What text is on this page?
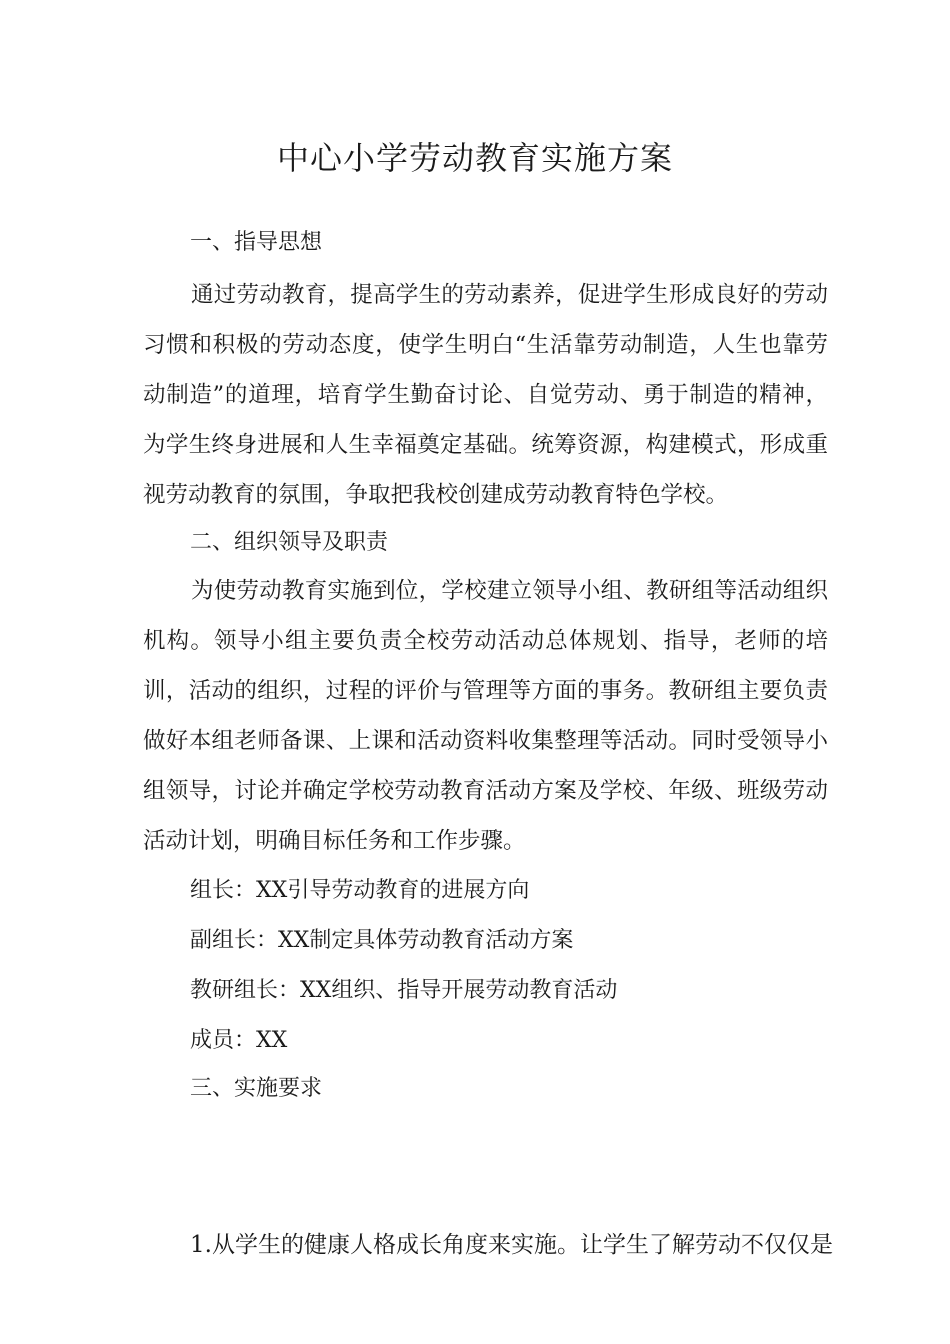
中心小学劳动教育实施方案
一、指导思想

通过劳动教育，提高学生的劳动素养，促进学生形成良好的劳动习惯和积极的劳动态度，使学生明白“生活靠劳动制造，人生也靠劳动制造”的道理，培育学生勤奋讨论、自觉劳动、勇于制造的精神，为学生终身进展和人生幸福奠定基础。统筹资源，构建模式，形成重视劳动教育的氛围，争取把我校创建成劳动教育特色学校。

二、组织领导及职责

为使劳动教育实施到位，学校建立领导小组、教研组等活动组织机构。领导小组主要负责全校劳动活动总体规划、指导，老师的培训，活动的组织，过程的评价与管理等方面的事务。教研组主要负责做好本组老师备课、上课和活动资料收集整理等活动。同时受领导小组领导，讨论并确定学校劳动教育活动方案及学校、年级、班级劳动活动计划，明确目标任务和工作步骤。

组长：XX引导劳动教育的进展方向
副组长：XX制定具体劳动教育活动方案
教研组长：XX组织、指导开展劳动教育活动
成员：XX
三、实施要求
1.从学生的健康人格成长角度来实施。让学生了解劳动不仅仅是
